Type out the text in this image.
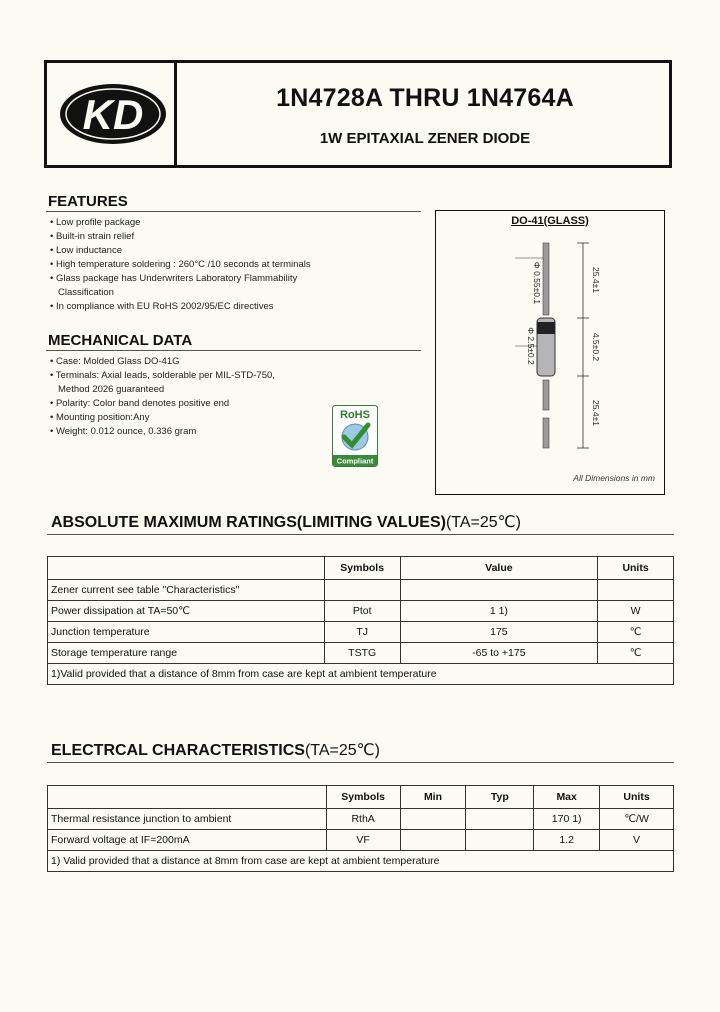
KD	1N4728A THRU 1N4764A
1W EPITAXIAL ZENER DIODE
FEATURES
• Low profile package
• Built-in strain relief
• Low inductance
• High temperature soldering : 260°C /10 seconds at terminals
• Glass package has Underwriters Laboratory Flammability
Classification
• In compliance with EU RoHS 2002/95/EC directives
MECHANICAL DATA
• Case: Molded Glass DO-41G
• Terminals: Axial leads, solderable per MIL-STD-750,
Method 2026 guaranteed
• Polarity: Color band denotes positive end
• Mounting position:Any
• Weight: 0.012 ounce, 0.336 gram
RoHS
Compliant
DO-41(GLASS)
Φ 0.55±0.1
Φ 2.5±0.2
25.4±1
4.5±0.2
25.4±1
All Dimensions in mm
ABSOLUTE MAXIMUM RATINGS(LIMITING VALUES)(TA=25℃)
	Symbols	Value	Units
Zener current see table "Characteristics"			
Power dissipation at TA=50℃	Ptot	1 1)	W
Junction temperature	TJ	175	℃
Storage temperature range	TSTG	-65 to +175	℃
1)Valid provided that a distance of 8mm from case are kept at ambient temperature			
ELECTRCAL CHARACTERISTICS(TA=25℃)
	Symbols	Min	Typ	Max	Units
Thermal resistance junction to ambient	RthA			170 1)	℃/W
Forward voltage at IF=200mA	VF			1.2	V
1) Valid provided that a distance at 8mm from case are kept at ambient temperature					
